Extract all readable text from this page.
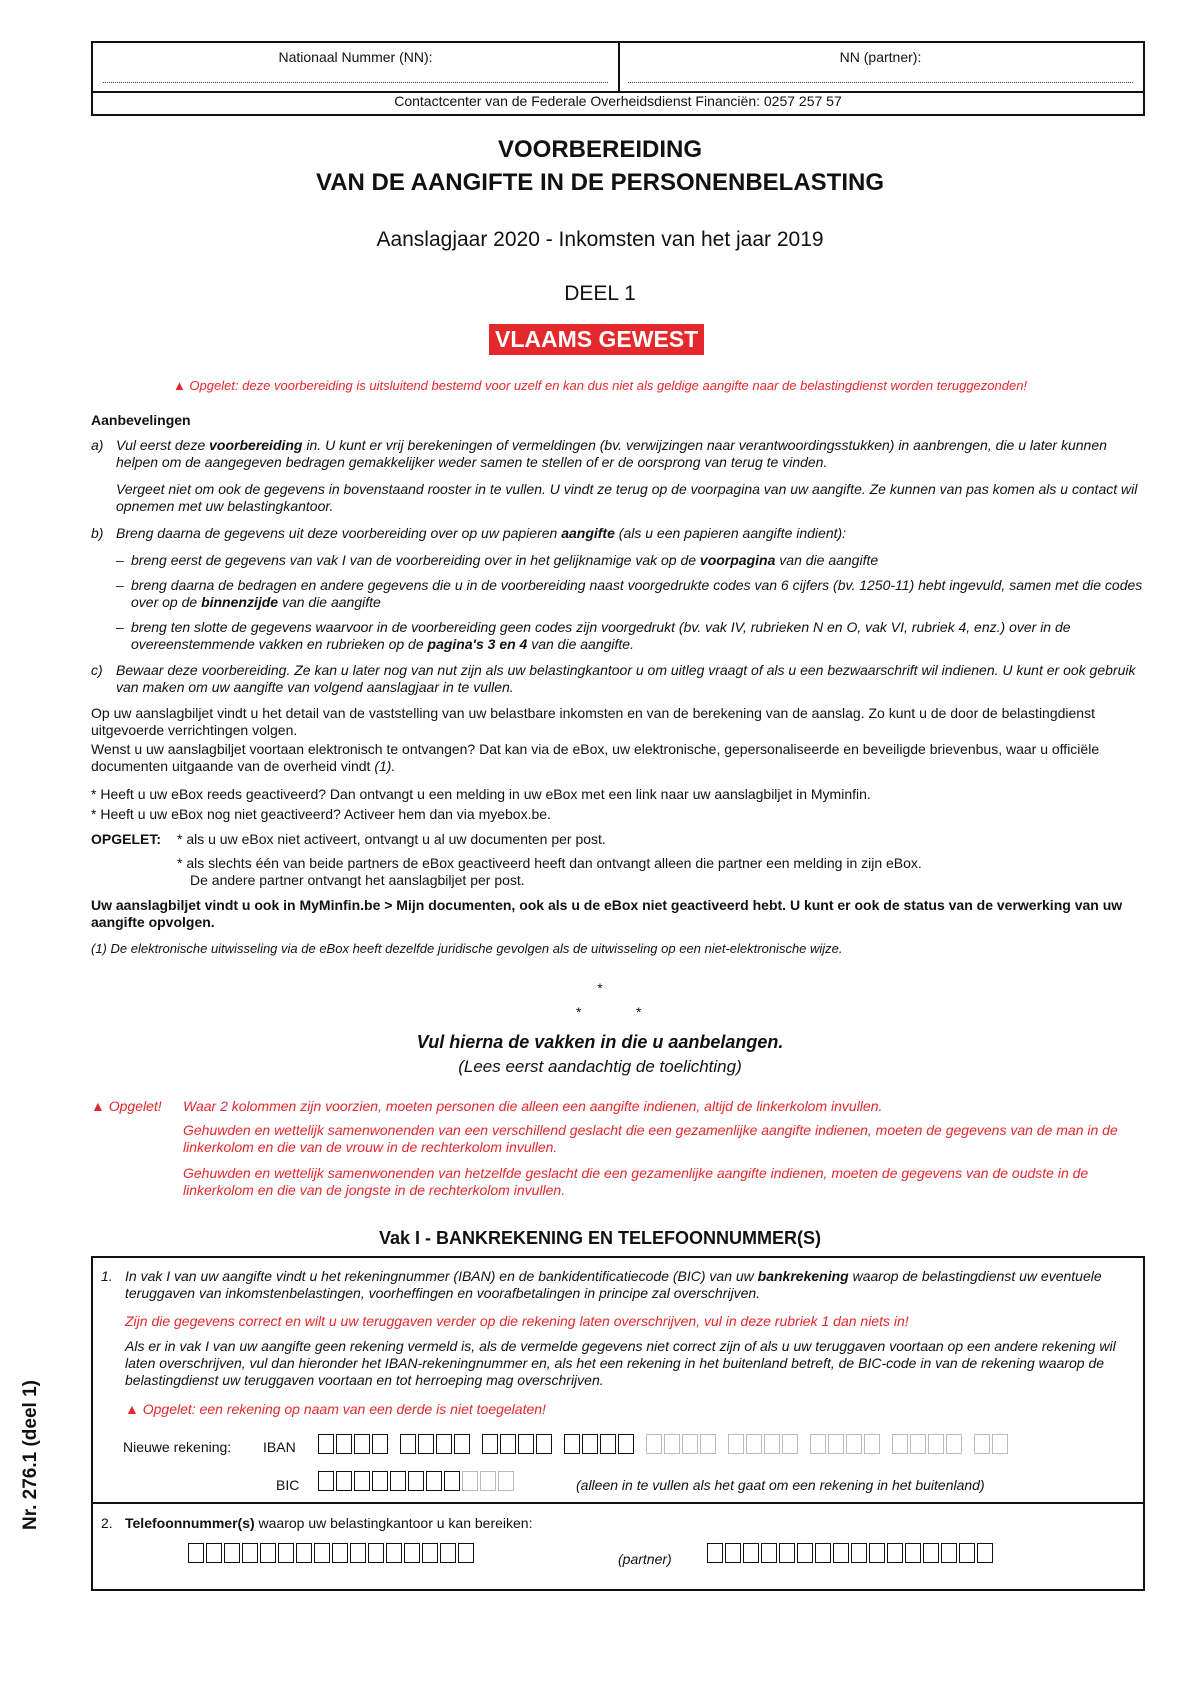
Nationaal Nummer (NN):	NN (partner):
Contactcenter van de Federale Overheidsdienst Financiën: 0257 257 57
VOORBEREIDING
VAN DE AANGIFTE IN DE PERSONENBELASTING
Aanslagjaar 2020 - Inkomsten van het jaar 2019
DEEL 1
VLAAMS GEWEST
▲ Opgelet: deze voorbereiding is uitsluitend bestemd voor uzelf en kan dus niet als geldige aangifte naar de belastingdienst worden teruggezonden!
Aanbevelingen
a) Vul eerst deze voorbereiding in. U kunt er vrij berekeningen of vermeldingen (bv. verwijzingen naar verantwoordingsstukken) in aanbrengen, die u later kunnen helpen om de aangegeven bedragen gemakkelijker weder samen te stellen of er de oorsprong van terug te vinden.
Vergeet niet om ook de gegevens in bovenstaand rooster in te vullen. U vindt ze terug op de voorpagina van uw aangifte. Ze kunnen van pas komen als u contact wil opnemen met uw belastingkantoor.
b) Breng daarna de gegevens uit deze voorbereiding over op uw papieren aangifte (als u een papieren aangifte indient):
– breng eerst de gegevens van vak I van de voorbereiding over in het gelijknamige vak op de voorpagina van die aangifte
– breng daarna de bedragen en andere gegevens die u in de voorbereiding naast voorgedrukte codes van 6 cijfers (bv. 1250-11) hebt ingevuld, samen met die codes over op de binnenzijde van die aangifte
– breng ten slotte de gegevens waarvoor in de voorbereiding geen codes zijn voorgedrukt (bv. vak IV, rubrieken N en O, vak VI, rubriek 4, enz.) over in de overeenstemmende vakken en rubrieken op de pagina's 3 en 4 van die aangifte.
c) Bewaar deze voorbereiding. Ze kan u later nog van nut zijn als uw belastingkantoor u om uitleg vraagt of als u een bezwaarschrift wil indienen. U kunt er ook gebruik van maken om uw aangifte van volgend aanslagjaar in te vullen.
Op uw aanslagbiljet vindt u het detail van de vaststelling van uw belastbare inkomsten en van de berekening van de aanslag. Zo kunt u de door de belastingdienst uitgevoerde verrichtingen volgen.
Wenst u uw aanslagbiljet voortaan elektronisch te ontvangen? Dat kan via de eBox, uw elektronische, gepersonaliseerde en beveiligde brievenbus, waar u officiële documenten uitgaande van de overheid vindt (1).
* Heeft u uw eBox reeds geactiveerd? Dan ontvangt u een melding in uw eBox met een link naar uw aanslagbiljet in Myminfin.
* Heeft u uw eBox nog niet geactiveerd? Activeer hem dan via myebox.be.
OPGELET: * als u uw eBox niet activeert, ontvangt u al uw documenten per post.
* als slechts één van beide partners de eBox geactiveerd heeft dan ontvangt alleen die partner een melding in zijn eBox.
De andere partner ontvangt het aanslagbiljet per post.
Uw aanslagbiljet vindt u ook in MyMinfin.be > Mijn documenten, ook als u de eBox niet geactiveerd hebt. U kunt er ook de status van de verwerking van uw aangifte opvolgen.
(1) De elektronische uitwisseling via de eBox heeft dezelfde juridische gevolgen als de uitwisseling op een niet-elektronische wijze.
*
*	*
Vul hierna de vakken in die u aanbelangen.
(Lees eerst aandachtig de toelichting)
▲ Opgelet! Waar 2 kolommen zijn voorzien, moeten personen die alleen een aangifte indienen, altijd de linkerkolom invullen.
Gehuwden en wettelijk samenwonenden van een verschillend geslacht die een gezamenlijke aangifte indienen, moeten de gegevens van de man in de linkerkolom en die van de vrouw in de rechterkolom invullen.
Gehuwden en wettelijk samenwonenden van hetzelfde geslacht die een gezamenlijke aangifte indienen, moeten de gegevens van de oudste in de linkerkolom en die van de jongste in de rechterkolom invullen.
Vak I - BANKREKENING EN TELEFOONNUMMER(S)
1. In vak I van uw aangifte vindt u het rekeningnummer (IBAN) en de bankidentificatiecode (BIC) van uw bankrekening waarop de belastingdienst uw eventuele teruggaven van inkomstenbelastingen, voorheffingen en voorafbetalingen in principe zal overschrijven.
Zijn die gegevens correct en wilt u uw teruggaven verder op die rekening laten overschrijven, vul in deze rubriek 1 dan niets in!
Als er in vak I van uw aangifte geen rekening vermeld is, als de vermelde gegevens niet correct zijn of als u uw teruggaven voortaan op een andere rekening wil laten overschrijven, vul dan hieronder het IBAN-rekeningnummer en, als het een rekening in het buitenland betreft, de BIC-code in van de rekening waarop de belastingdienst uw teruggaven voortaan en tot herroeping mag overschrijven.
▲ Opgelet: een rekening op naam van een derde is niet toegelaten!
Nieuwe rekening: IBAN
BIC	(alleen in te vullen als het gaat om een rekening in het buitenland)
2. Telefoonnummer(s) waarop uw belastingkantoor u kan bereiken:
(partner)
Nr. 276.1 (deel 1)
